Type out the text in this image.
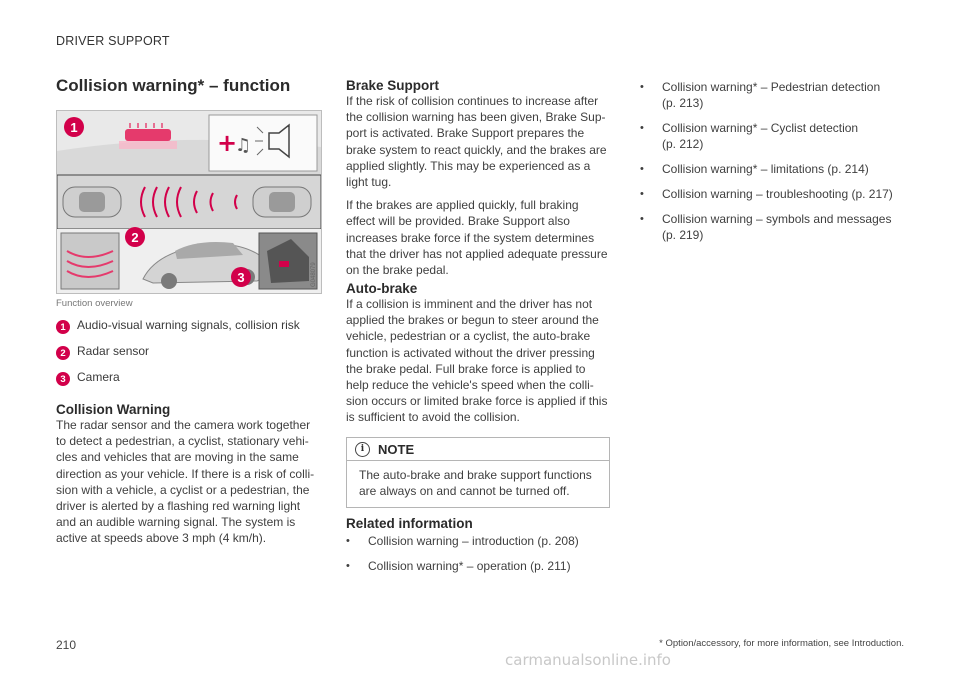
DRIVER SUPPORT
Collision warning* – function
+
♫
G048079
1
2
3
Function overview
1 Audio-visual warning signals, collision risk
2 Radar sensor
3 Camera
Collision Warning

The radar sensor and the camera work together
to detect a pedestrian, a cyclist, stationary vehi-
cles and vehicles that are moving in the same
direction as your vehicle. If there is a risk of colli-
sion with a vehicle, a cyclist or a pedestrian, the
driver is alerted by a flashing red warning light
and an audible warning signal. The system is
active at speeds above 3 mph (4 km/h).

Brake Support

If the risk of collision continues to increase after
the collision warning has been given, Brake Sup-
port is activated. Brake Support prepares the
brake system to react quickly, and the brakes are
applied slightly. This may be experienced as a
light tug.

If the brakes are applied quickly, full braking
effect will be provided. Brake Support also
increases brake force if the system determines
that the driver has not applied adequate pressure
on the brake pedal.

Auto-brake

If a collision is imminent and the driver has not
applied the brakes or begun to steer around the
vehicle, pedestrian or a cyclist, the auto-brake
function is activated without the driver pressing
the brake pedal. Full brake force is applied to
help reduce the vehicle's speed when the colli-
sion occurs or limited brake force is applied if this
is sufficient to avoid the collision.

i	NOTE
The auto-brake and brake support functions
are always on and cannot be turned off.
Related information
•	Collision warning – introduction (p. 208)
•	Collision warning* – operation (p. 211)
•	Collision warning* – Pedestrian detection
(p. 213)
•	Collision warning* – Cyclist detection
(p. 212)
•	Collision warning* – limitations (p. 214)
•	Collision warning – troubleshooting (p. 217)
•	Collision warning – symbols and messages
(p. 219)
210	* Option/accessory, for more information, see Introduction.
carmanualsonline.info
